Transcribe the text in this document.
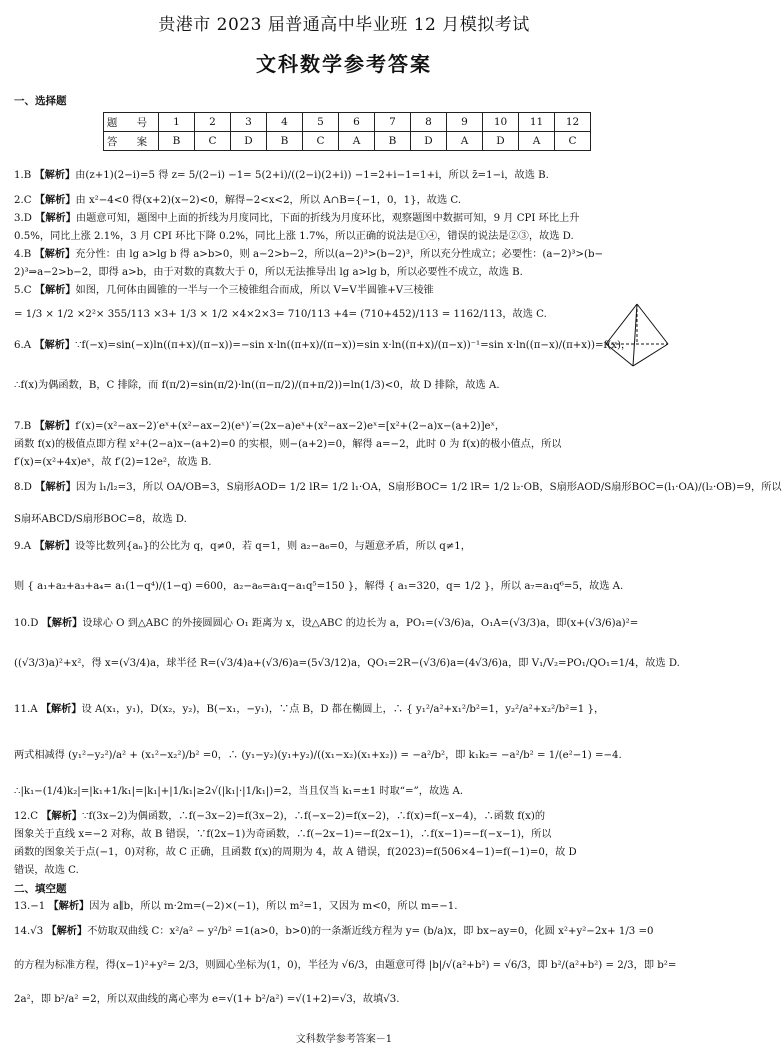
贵港市 2023 届普通高中毕业班 12 月模拟考试
文科数学参考答案
一、选择题
题 号	1	2	3	4	5	6	7	8	9	10	11	12
答 案	B	C	D	B	C	A	B	D	A	D	A	C
1.B 【解析】由(z+1)(2−i)=5 得 z= 5/(2−i) −1= 5(2+i)/((2−i)(2+i)) −1=2+i−1=1+i，所以 z̄=1−i，故选 B.
2.C 【解析】由 x²−4<0 得(x+2)(x−2)<0，解得−2<x<2，所以 A∩B={−1，0，1}，故选 C.
3.D 【解析】由题意可知，题图中上面的折线为月度同比，下面的折线为月度环比，观察题图中数据可知，9 月 CPI 环比上升
0.5%，同比上涨 2.1%，3 月 CPI 环比下降 0.2%，同比上涨 1.7%，所以正确的说法是①④，错误的说法是②③，故选 D.
4.B 【解析】充分性：由 lg a>lg b 得 a>b>0，则 a−2>b−2，所以(a−2)³>(b−2)³，所以充分性成立；必要性：(a−2)³>(b−
2)³⇒a−2>b−2，即得 a>b，由于对数的真数大于 0，所以无法推导出 lg a>lg b，所以必要性不成立，故选 B.
5.C 【解析】如图，几何体由圆锥的一半与一个三棱锥组合而成，所以 V=V半圆锥+V三棱锥
= 1/3 × 1/2 ×2²× 355/113 ×3+ 1/3 × 1/2 ×4×2×3= 710/113 +4= (710+452)/113 = 1162/113，故选 C.
6.A 【解析】∵f(−x)=sin(−x)ln((π+x)/(π−x))=−sin x·ln((π+x)/(π−x))=sin x·ln((π+x)/(π−x))⁻¹=sin x·ln((π−x)/(π+x))=f(x)，
∴f(x)为偶函数，B，C 排除，而 f(π/2)=sin(π/2)·ln((π−π/2)/(π+π/2))=ln(1/3)<0，故 D 排除，故选 A.
7.B 【解析】f′(x)=(x²−ax−2)′eˣ+(x²−ax−2)(eˣ)′=(2x−a)eˣ+(x²−ax−2)eˣ=[x²+(2−a)x−(a+2)]eˣ，
函数 f(x)的极值点即方程 x²+(2−a)x−(a+2)=0 的实根，则−(a+2)=0，解得 a=−2，此时 0 为 f(x)的极小值点，所以
f′(x)=(x²+4x)eˣ，故 f′(2)=12e²，故选 B.
8.D 【解析】因为 l₁/l₂=3，所以 OA/OB=3，S扇形AOD= 1/2 lR= 1/2 l₁·OA，S扇形BOC= 1/2 lR= 1/2 l₂·OB，S扇形AOD/S扇形BOC=(l₁·OA)/(l₂·OB)=9，所以
S扇环ABCD/S扇形BOC=8，故选 D.
9.A 【解析】设等比数列{aₙ}的公比为 q，q≠0，若 q=1，则 a₂−a₆=0，与题意矛盾，所以 q≠1，
则 { a₁+a₂+a₃+a₄= a₁(1−q⁴)/(1−q) =600，a₂−a₆=a₁q−a₁q⁵=150 }，解得 { a₁=320，q= 1/2 }，所以 a₇=a₁q⁶=5，故选 A.
10.D 【解析】设球心 O 到△ABC 的外接圆圆心 O₁ 距离为 x，设△ABC 的边长为 a，PO₁=(√3/6)a，O₁A=(√3/3)a，即(x+(√3/6)a)²=
((√3/3)a)²+x²，得 x=(√3/4)a，球半径 R=(√3/4)a+(√3/6)a=(5√3/12)a，QO₁=2R−(√3/6)a=(4√3/6)a，即 V₁/V₂=PO₁/QO₁=1/4，故选 D.
11.A 【解析】设 A(x₁，y₁)，D(x₂，y₂)，B(−x₁，−y₁)，∵点 B，D 都在椭圆上，∴ { y₁²/a²+x₁²/b²=1，y₂²/a²+x₂²/b²=1 }，
两式相减得 (y₁²−y₂²)/a² + (x₁²−x₂²)/b² =0，∴ (y₁−y₂)(y₁+y₂)/((x₁−x₂)(x₁+x₂)) = −a²/b²，即 k₁k₂= −a²/b² = 1/(e²−1) =−4.
∴|k₁−(1/4)k₂|=|k₁+1/k₁|=|k₁|+|1/k₁|≥2√(|k₁|·|1/k₁|)=2，当且仅当 k₁=±1 时取“=”，故选 A.
12.C 【解析】∵f(3x−2)为偶函数，∴f(−3x−2)=f(3x−2)，∴f(−x−2)=f(x−2)，∴f(x)=f(−x−4)，∴函数 f(x)的
图象关于直线 x=−2 对称，故 B 错误，∵f(2x−1)为奇函数，∴f(−2x−1)=−f(2x−1)，∴f(x−1)=−f(−x−1)，所以
函数的图象关于点(−1，0)对称，故 C 正确，且函数 f(x)的周期为 4，故 A 错误，f(2023)=f(506×4−1)=f(−1)=0，故 D
错误，故选 C.
二、填空题
13.−1 【解析】因为 a∥b，所以 m·2m=(−2)×(−1)，所以 m²=1，又因为 m<0，所以 m=−1.
14.√3 【解析】不妨取双曲线 C：x²/a² − y²/b² =1(a>0，b>0)的一条渐近线方程为 y= (b/a)x，即 bx−ay=0，化圆 x²+y²−2x+ 1/3 =0
的方程为标准方程，得(x−1)²+y²= 2/3，则圆心坐标为(1，0)，半径为 √6/3，由题意可得 |b|/√(a²+b²) = √6/3，即 b²/(a²+b²) = 2/3，即 b²=
2a²，即 b²/a² =2，所以双曲线的离心率为 e=√(1+ b²/a²) =√(1+2)=√3，故填√3.
文科数学参考答案－1
